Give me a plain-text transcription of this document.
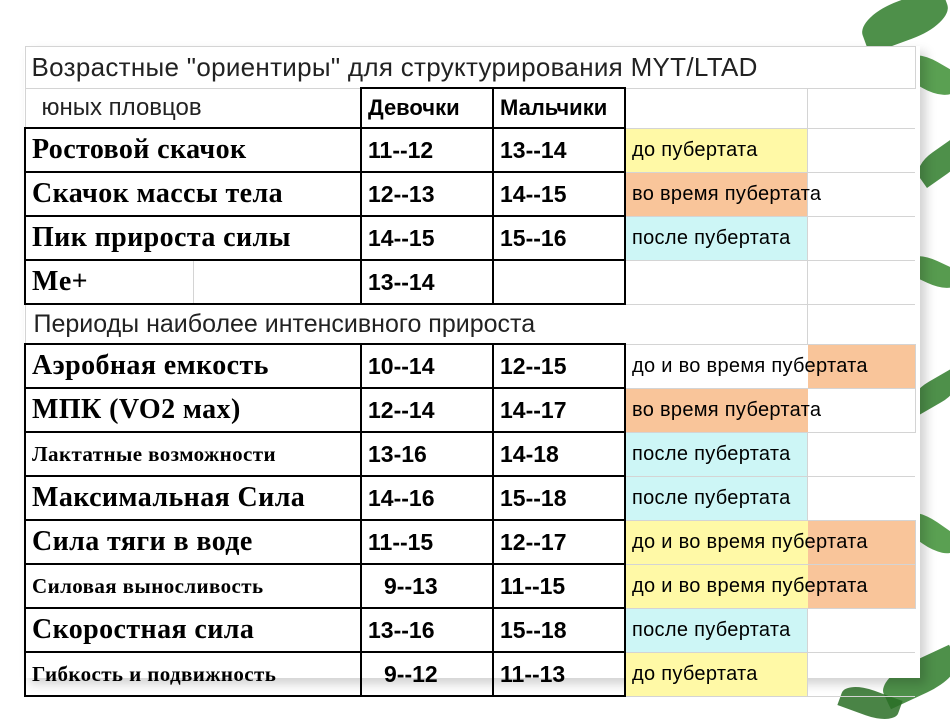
Возрастные "ориентиры" для структурирования МYT/LTAD					
юных пловцов		Девочки	Мальчики		
Ростовой скачок		11--12	13--14	до пубертата	
Скачок массы тела		12--13	14--15	во время пубертата	
Пик прироста силы		14--15	15--16	после пубертата	
Me+		13--14			
Периоды наиболее интенсивного прироста					
Аэробная емкость		10--14	12--15	до и во время пубертата	
МПК (VO2 мах)		12--14	14--17	во время пубертата	
Лактатные возможности		13-16	14-18	после пубертата	
Максимальная Сила		14--16	15--18	после пубертата	
Сила тяги в воде		11--15	12--17	до и во время пубертата	
Силовая выносливость		9--13	11--15	до и во время пубертата	
Скоростная сила		13--16	15--18	после пубертата	
Гибкость и подвижность		9--12	11--13	до пубертата	
